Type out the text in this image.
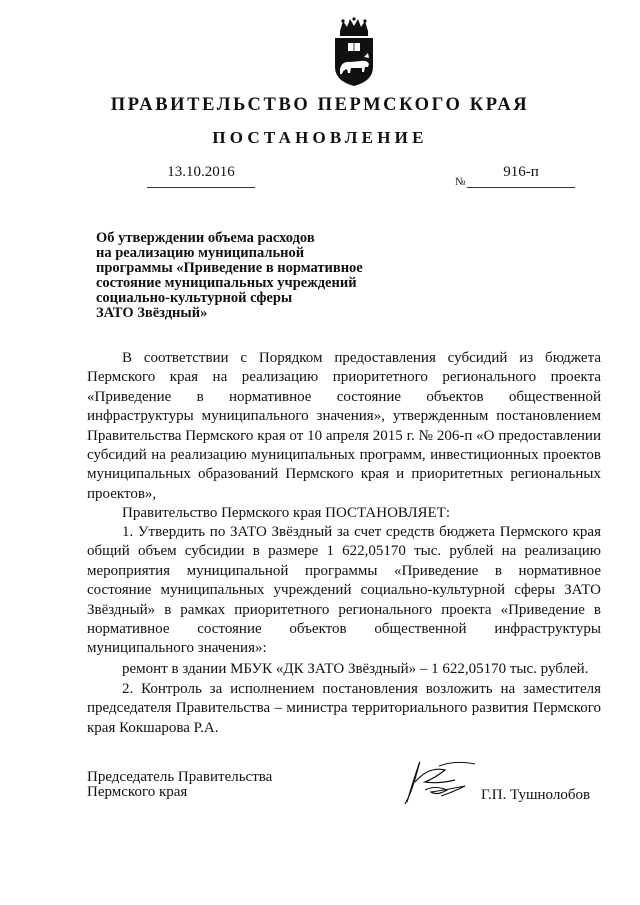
ПРАВИТЕЛЬСТВО ПЕРМСКОГО КРАЯ
ПОСТАНОВЛЕНИЕ
13.10.2016
№
916-п
Об утверждении объема расходов
на реализацию муниципальной
программы «Приведение в нормативное
состояние муниципальных учреждений
социально-культурной сферы
ЗАТО Звёздный»
В соответствии с Порядком предоставления субсидий из бюджета Пермского края на реализацию приоритетного регионального проекта «Приведение в нормативное состояние объектов общественной инфраструктуры муниципального значения», утвержденным постановлением Правительства Пермского края от 10 апреля 2015 г. № 206-п «О предоставлении субсидий на реализацию муниципальных программ, инвестиционных проектов муниципальных образований Пермского края и приоритетных региональных проектов»,
Правительство Пермского края ПОСТАНОВЛЯЕТ:
1. Утвердить по ЗАТО Звёздный за счет средств бюджета Пермского края общий объем субсидии в размере 1 622,05170 тыс. рублей на реализацию мероприятия муниципальной программы «Приведение в нормативное состояние муниципальных учреждений социально-культурной сферы ЗАТО Звёздный» в рамках приоритетного регионального проекта «Приведение в нормативное состояние объектов общественной инфраструктуры муниципального значения»:
ремонт в здании МБУК «ДК ЗАТО Звёздный» – 1 622,05170 тыс. рублей.
2. Контроль за исполнением постановления возложить на заместителя председателя Правительства – министра территориального развития Пермского края Кокшарова Р.А.
Председатель Правительства
Пермского края	Г.П. Тушнолобов
